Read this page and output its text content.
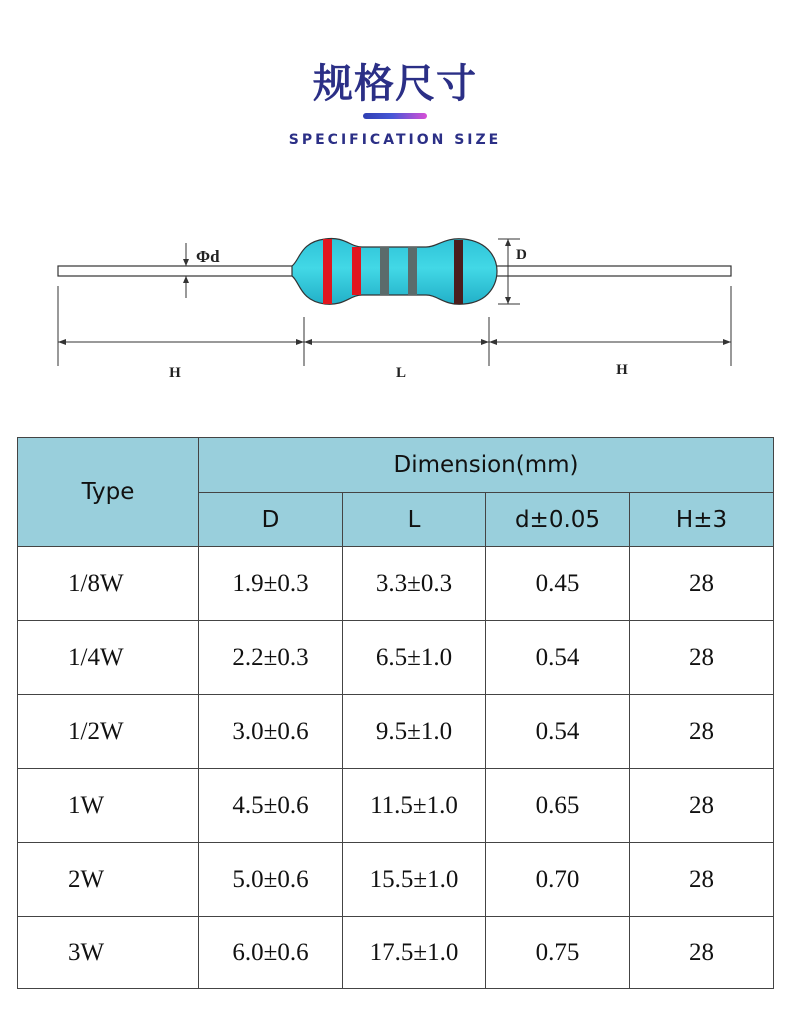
规格尺寸
SPECIFICATION SIZE
Φd	D
H	L	H
Type	Dimension(mm)			
	D	L	d±0.05	H±3
1/8W	1.9±0.3	3.3±0.3	0.45	28
1/4W	2.2±0.3	6.5±1.0	0.54	28
1/2W	3.0±0.6	9.5±1.0	0.54	28
1W	4.5±0.6	11.5±1.0	0.65	28
2W	5.0±0.6	15.5±1.0	0.70	28
3W	6.0±0.6	17.5±1.0	0.75	28
